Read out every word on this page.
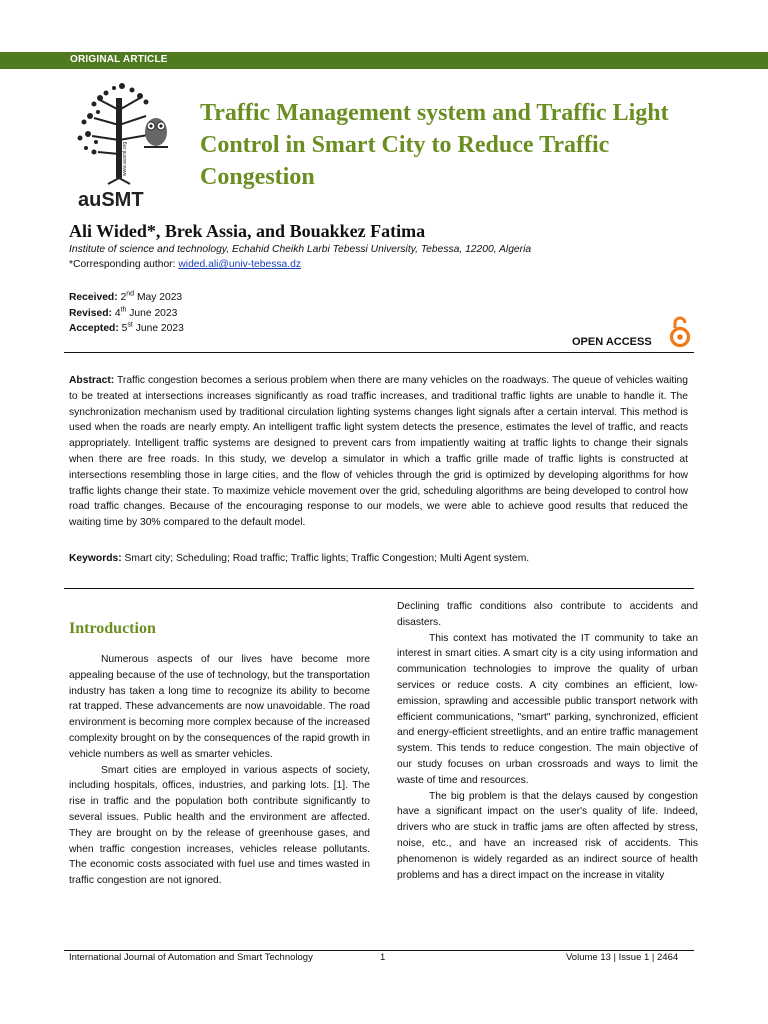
ORIGINAL ARTICLE
www.ausmt.org
auSMT
Traffic Management system and Traffic Light Control in Smart City to Reduce Traffic Congestion
Ali Wided*, Brek Assia, and Bouakkez Fatima
Institute of science and technology, Echahid Cheikh Larbi Tebessi University, Tebessa, 12200, Algeria
*Corresponding author: wided.ali@univ-tebessa.dz
Received: 2nd May 2023
Revised: 4th June 2023
Accepted: 5st June 2023
OPEN ACCESS
Abstract: Traffic congestion becomes a serious problem when there are many vehicles on the roadways. The queue of vehicles waiting to be treated at intersections increases significantly as road traffic increases, and traditional traffic lights are unable to handle it. The synchronization mechanism used by traditional circulation lighting systems changes light signals after a certain interval. This method is used when the roads are nearly empty. An intelligent traffic light system detects the presence, estimates the level of traffic, and reacts appropriately. Intelligent traffic systems are designed to prevent cars from impatiently waiting at traffic lights to change their signals when there are free roads. In this study, we develop a simulator in which a traffic grille made of traffic lights is constructed at intersections resembling those in large cities, and the flow of vehicles through the grid is optimized by developing algorithms for how traffic lights change their state. To maximize vehicle movement over the grid, scheduling algorithms are being developed to control how road traffic changes. Because of the encouraging response to our models, we were able to achieve good results that reduced the waiting time by 30% compared to the default model.
Keywords: Smart city; Scheduling; Road traffic; Traffic lights; Traffic Congestion; Multi Agent system.
Introduction

Numerous aspects of our lives have become more appealing because of the use of technology, but the transportation industry has taken a long time to recognize its ability to become rat trapped. These advancements are now unavoidable. The road environment is becoming more complex because of the increased complexity brought on by the consequences of the rapid growth in vehicle numbers as well as smarter vehicles.

Smart cities are employed in various aspects of society, including hospitals, offices, industries, and parking lots. [1]. The rise in traffic and the population both contribute significantly to several issues. Public health and the environment are affected. They are brought on by the release of greenhouse gases, and when traffic congestion increases, vehicles release pollutants. The economic costs associated with fuel use and times wasted in traffic congestion are not ignored.

Declining traffic conditions also contribute to accidents and disasters.

This context has motivated the IT community to take an interest in smart cities. A smart city is a city using information and communication technologies to improve the quality of urban services or reduce costs. A city combines an efficient, low-emission, sprawling and accessible public transport network with efficient communications, "smart" parking, synchronized, efficient and energy-efficient streetlights, and an entire traffic management system. This tends to reduce congestion. The main objective of our study focuses on urban crossroads and ways to limit the waste of time and resources.

The big problem is that the delays caused by congestion have a significant impact on the user's quality of life. Indeed, drivers who are stuck in traffic jams are often affected by stress, noise, etc., and have an increased risk of accidents. This phenomenon is widely regarded as an indirect source of health problems and has a direct impact on the increase in vitality

International Journal of Automation and Smart Technology	1	Volume 13 | Issue 1 | 2464
